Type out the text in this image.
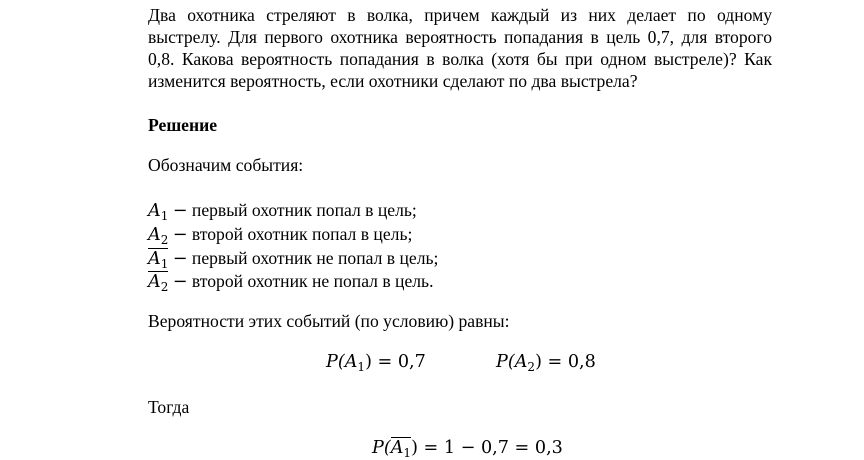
Два охотника стреляют в волка, причем каждый из них делает по одному
выстрелу. Для первого охотника вероятность попадания в цель 0,7, для второго
0,8. Какова вероятность попадания в волка (хотя бы при одном выстреле)? Как
изменится вероятность, если охотники сделают по два выстрела?

Решение

Обозначим события:

$A_1$ − первый охотник попал в цель;
$A_2$ − второй охотник попал в цель;
$A_1$ − первый охотник не попал в цель;
$A_2$ − второй охотник не попал в цель.

Вероятности этих событий (по условию) равны:

$P(A_1) = 0,7$	$P(A_2) = 0,8$

Тогда

$P(A_1) = 1 - 0,7 = 0,3$
